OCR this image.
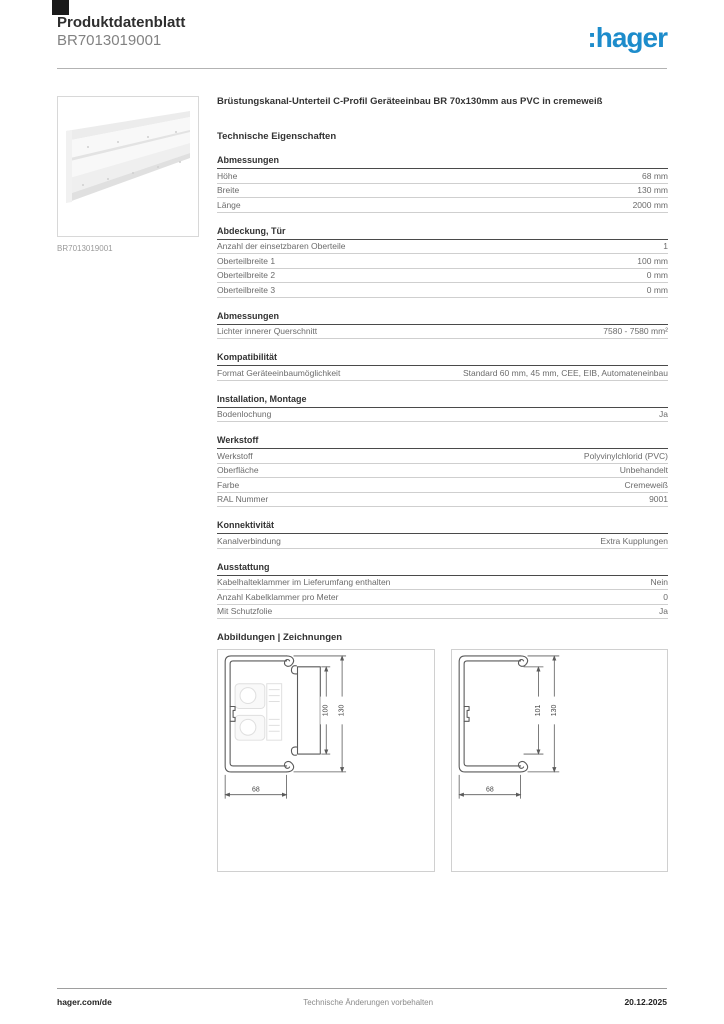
Produktdatenblatt
BR7013019001	:hager
BR7013019001
Brüstungskanal-Unterteil C-Profil Geräteeinbau BR 70x130mm aus PVC in cremeweiß
Technische Eigenschaften
Abmessungen
Höhe	68 mm
Breite	130 mm
Länge	2000 mm
Abdeckung, Tür
Anzahl der einsetzbaren Oberteile	1
Oberteilbreite 1	100 mm
Oberteilbreite 2	0 mm
Oberteilbreite 3	0 mm
Abmessungen
Lichter innerer Querschnitt	7580 - 7580 mm²
Kompatibilität
Format Geräteeinbaumöglichkeit	Standard 60 mm, 45 mm, CEE, EIB, Automateneinbau
Installation, Montage
Bodenlochung	Ja
Werkstoff
Werkstoff	Polyvinylchlorid (PVC)
Oberfläche	Unbehandelt
Farbe	Cremeweiß
RAL Nummer	9001
Konnektivität
Kanalverbindung	Extra Kupplungen
Ausstattung
Kabelhalteklammer im Lieferumfang enthalten	Nein
Anzahl Kabelklammer pro Meter	0
Mit Schutzfolie	Ja
Abbildungen | Zeichnungen
100 130
68
101 130
68
hager.com/de	Technische Änderungen vorbehalten	20.12.2025
